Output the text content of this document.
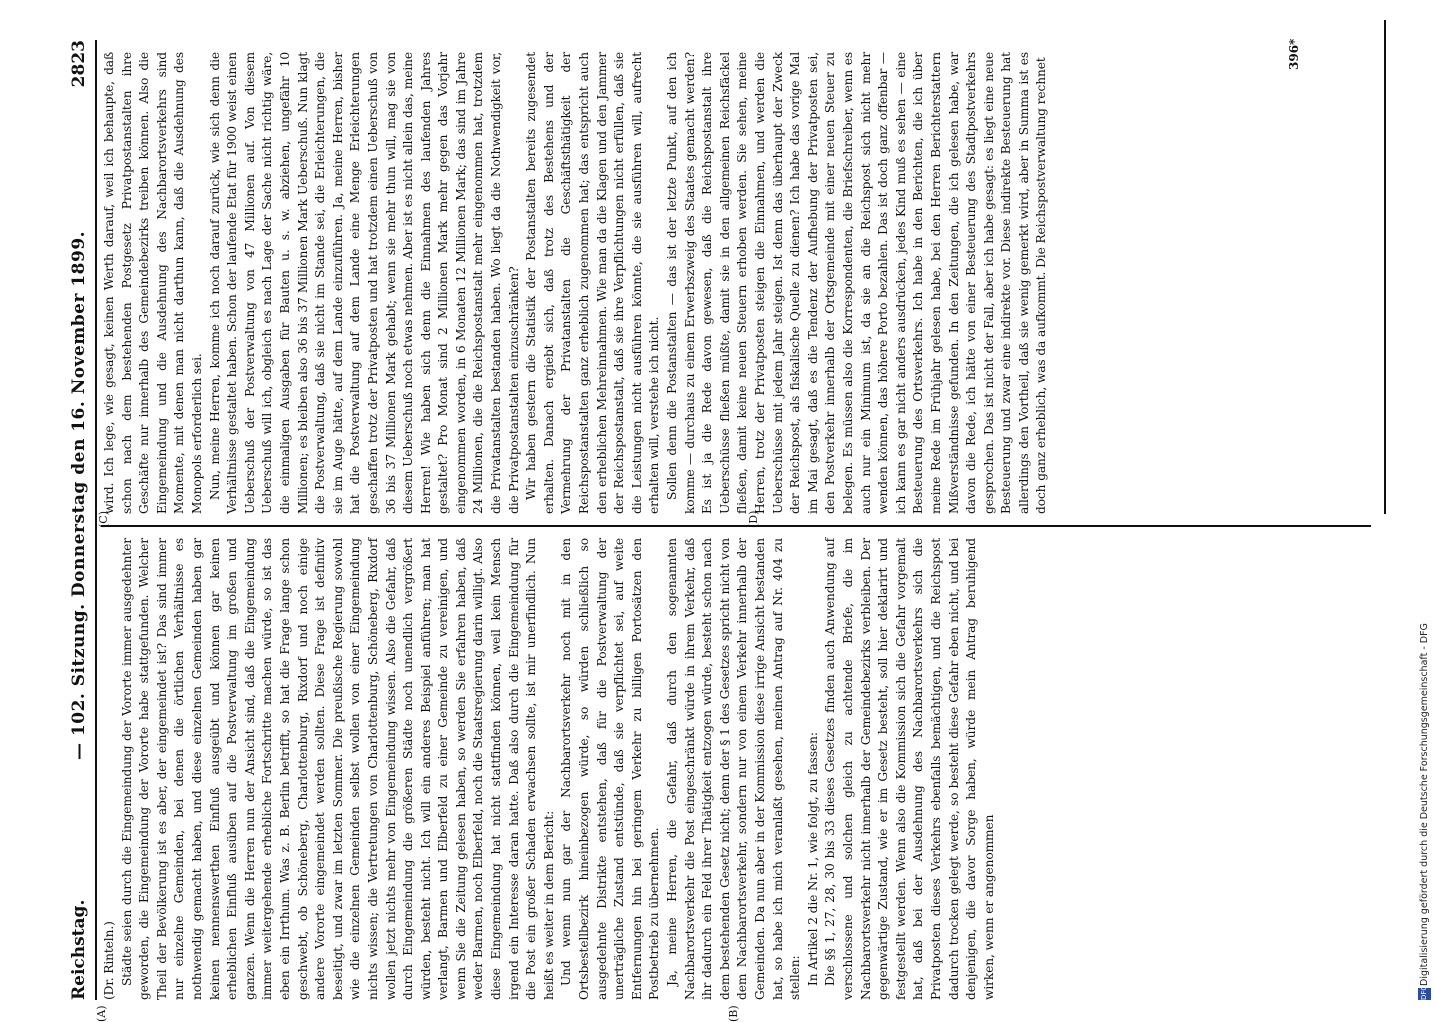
Reichstag.
— 102. Sitzung. Donnerstag den 16. November 1899.
2823

(Dr. Rinteln.) Städte seien durch die Eingemeindung der Vororte immer ausgedehnter geworden, die Eingemeindung der Vororte habe stattgefunden. Welcher Theil der Bevölkerung ist es aber, der eingemeindet ist? Das sind immer nur einzelne Gemeinden, bei denen die örtlichen Verhältnisse es nothwendig gemacht haben, und diese einzelnen Gemeinden haben gar keinen nennenswerthen Einfluß ausgeübt und können gar keinen erheblichen Einfluß ausüben auf die Postverwaltung im großen und ganzen. Wenn die Herren nun der Ansicht sind, daß die Eingemeindung immer weitergehende erhebliche Fortschritte machen würde, so ist das eben ein Irrthum. Was z. B. Berlin betrifft, so hat die Frage lange schon geschwebt, ob Schöneberg, Charlottenburg, Rixdorf und noch einige andere Vororte eingemeindet werden sollten. Diese Frage ist definitiv beseitigt, und zwar im letzten Sommer. Die preußische Regierung sowohl wie die einzelnen Gemeinden selbst wollen von einer Eingemeindung nichts wissen; die Vertretungen von Charlottenburg, Schöneberg, Rixdorf wollen jetzt nichts mehr von Eingemeindung wissen. Also die Gefahr, daß durch Eingemeindung die größeren Städte noch unendlich vergrößert würden, besteht nicht. Ich will ein anderes Beispiel anführen; man hat verlangt, Barmen und Elberfeld zu einer Gemeinde zu vereinigen, und wenn Sie die Zeitung gelesen haben, so werden Sie erfahren haben, daß weder Barmen, noch Elberfeld, noch die Staatsregierung darin willigt. Also diese Eingemeindung hat nicht stattfinden können, weil kein Mensch irgend ein Interesse daran hatte. Daß also durch die Eingemeindung für die Post ein großer Schaden erwachsen sollte, ist mir unerfindlich. Nun heißt es weiter in dem Bericht: Und wenn nun gar der Nachbarortsverkehr noch mit in den Ortsbestellbezirk hineinbezogen würde, so würden schließlich so ausgedehnte Distrikte entstehen, daß für die Postverwaltung der unerträgliche Zustand entstünde, daß sie verpflichtet sei, auf weite Entfernungen hin bei geringem Verkehr zu billigen Portosätzen den Postbetrieb zu übernehmen. Ja, meine Herren, die Gefahr, daß durch den sogenannten Nachbarortsverkehr die Post eingeschränkt würde in ihrem Verkehr, daß ihr dadurch ein Feld ihrer Thätigkeit entzogen würde, besteht schon nach dem bestehenden Gesetz nicht; denn der § 1 des Gesetzes spricht nicht von dem Nachbarortsverkehr, sondern nur von einem Verkehr innerhalb der Gemeinden. Da nun aber in der Kommission diese irrige Ansicht bestanden hat, so habe ich mich veranlaßt gesehen, meinen Antrag auf Nr. 404 zu stellen: In Artikel 2 die Nr. 1, wie folgt, zu fassen: Die §§ 1, 27, 28, 30 bis 33 dieses Gesetzes finden auch Anwendung auf verschlossene und solchen gleich zu achtende Briefe, die im Nachbarortsverkehr nicht innerhalb der Gemeindebezirks verbleiben. Der gegenwärtige Zustand, wie er im Gesetz besteht, soll hier deklarirt und festgestellt werden. Wenn also die Kommission sich die Gefahr vorgemalt hat, daß bei der Ausdehnung des Nachbarortsverkehrs sich die Privatposten dieses Verkehrs ebenfalls bemächtigen, und die Reichspost dadurch trocken gelegt werde, so besteht diese Gefahr eben nicht, und bei denjenigen, die davor Sorge haben, würde mein Antrag beruhigend wirken, wenn er angenommen

wird. Ich lege, wie gesagt, keinen Werth darauf, weil ich behaupte, daß schon nach dem bestehenden Postgesetz Privatpostanstalten ihre Geschäfte nur innerhalb des Gemeindebezirks treiben können. Also die Eingemeindung und die Ausdehnung des Nachbarortsverkehrs sind Momente, mit denen man nicht darthun kann, daß die Ausdehnung des Monopols erforderlich sei. Nun, meine Herren, komme ich noch darauf zurück, wie sich denn die Verhältnisse gestaltet haben. Schon der laufende Etat für 1900 weist einen Ueberschuß der Postverwaltung von 47 Millionen auf. Von diesem Ueberschuß will ich, obgleich es nach Lage der Sache nicht richtig wäre, die einmaligen Ausgaben für Bauten u. s. w. abziehen, ungefähr 10 Millionen; es bleiben also 36 bis 37 Millionen Mark Ueberschuß. Nun klagt die Postverwaltung, daß sie nicht im Stande sei, die Erleichterungen, die sie im Auge hätte, auf dem Lande einzuführen. Ja, meine Herren, bisher hat die Postverwaltung auf dem Lande eine Menge Erleichterungen geschaffen trotz der Privatposten und hat trotzdem einen Ueberschuß von 36 bis 37 Millionen Mark gehabt; wenn sie mehr thun will, mag sie von diesem Ueberschuß noch etwas nehmen. Aber ist es nicht allein das, meine Herren! Wie haben sich denn die Einnahmen des laufenden Jahres gestaltet? Pro Monat sind 2 Millionen Mark mehr gegen das Vorjahr eingenommen worden, in 6 Monaten 12 Millionen Mark; das sind im Jahre 24 Millionen, die die Reichspostanstalt mehr eingenommen hat, trotzdem die Privatanstalten bestanden haben. Wo liegt da die Nothwendigkeit vor, die Privatpostanstalten einzuschränken? Wir haben gestern die Statistik der Postanstalten bereits zugesendet erhalten. Danach ergiebt sich, daß trotz des Bestehens und der Vermehrung der Privatanstalten die Geschäftsthätigkeit der Reichspostanstalten ganz erheblich zugenommen hat; das entspricht auch den erheblichen Mehreinnahmen. Wie man da die Klagen und den Jammer der Reichspostanstalt, daß sie ihre Verpflichtungen nicht erfüllen, daß sie die Leistungen nicht ausführen könnte, die sie ausführen will, aufrecht erhalten will, verstehe ich nicht. Sollen denn die Postanstalten — das ist der letzte Punkt, auf den ich komme — durchaus zu einem Erwerbszweig des Staates gemacht werden? Es ist ja die Rede davon gewesen, daß die Reichspostanstalt ihre Ueberschüsse fließen müßte, damit sie in den allgemeinen Reichsfäckel fließen, damit keine neuen Steuern erhoben werden. Sie sehen, meine Herren, trotz der Privatposten steigen die Einnahmen, und werden die Ueberschüsse mit jedem Jahr steigen. Ist denn das überhaupt der Zweck der Reichspost, als fiskalische Quelle zu dienen? Ich habe das vorige Mal im Mai gesagt, daß es die Tendenz der Aufhebung der Privatposten sei, den Postverkehr innerhalb der Ortsgemeinde mit einer neuen Steuer zu belegen. Es müssen also die Korrespondenten, die Briefschreiber, wenn es auch nur ein Minimum ist, da sie an die Reichspost sich nicht mehr wenden können, das höhere Porto bezahlen. Das ist doch ganz offenbar — ich kann es gar nicht anders ausdrücken, jedes Kind muß es sehen — eine Besteuerung des Ortsverkehrs. Ich habe in den Berichten, die ich über meine Rede im Frühjahr gelesen habe, bei den Herren Berichterstattern Mißverständnisse gefunden. In den Zeitungen, die ich gelesen habe, war davon die Rede, ich hätte von einer Besteuerung des Stadtpostverkehrs gesprochen. Das ist nicht der Fall, aber ich habe gesagt: es liegt eine neue Besteuerung und zwar eine indirekte vor. Diese indirekte Besteuerung hat allerdings den Vortheil, daß sie wenig gemerkt wird, aber in Summa ist es doch ganz erheblich, was da aufkommt. Die Reichspostverwaltung rechnet

(A)	(B)
(C)	(D)
396*
DFG
Digitalisierung gefördert durch die Deutsche Forschungsgemeinschaft - DFG
